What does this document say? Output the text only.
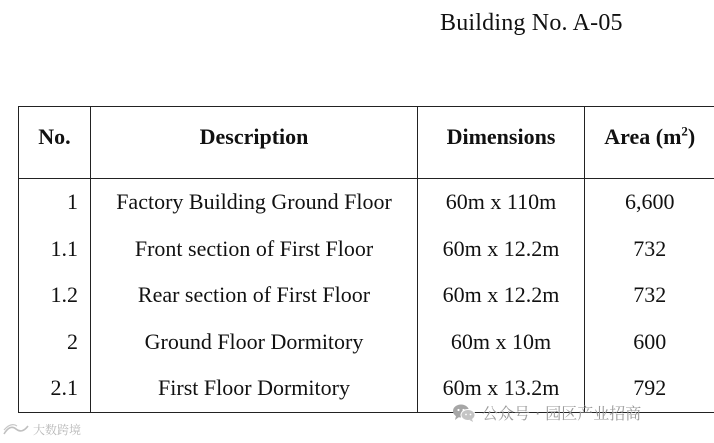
Building No. A-05
No.	Description	Dimensions	Area $(m^2)$
1	Factory Building Ground Floor	60m x 110m	6,600
1.1	Front section of First Floor	60m x 12.2m	732
1.2	Rear section of First Floor	60m x 12.2m	732
2	Ground Floor Dormitory	60m x 10m	600
2.1	First Floor Dormitory	60m x 13.2m	792
公众号 · 园区产业招商
大数跨境
